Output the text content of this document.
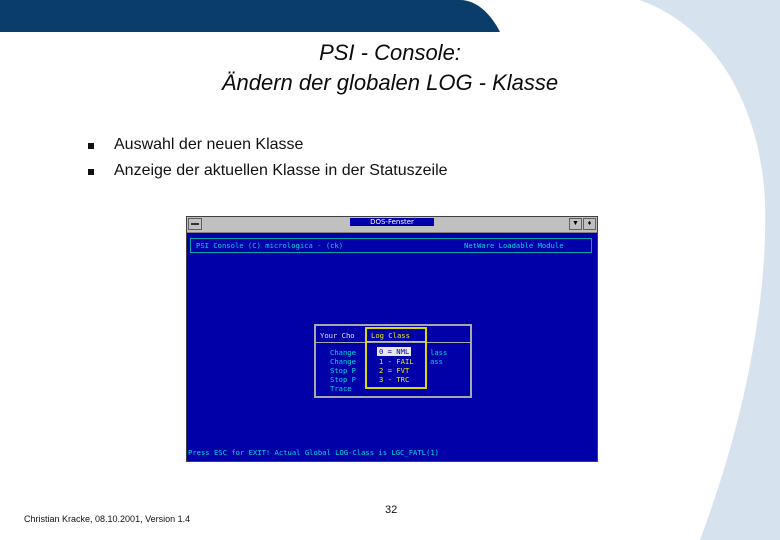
PSI - Console:
Ändern der globalen LOG - Klasse
Auswahl der neuen Klasse
Anzeige der aktuellen Klasse in der Statuszeile
DOS-Fenster	▼	♦
PSI Console (C) micrologica - (ck)	NetWare Loadable Module
Your Cho
Change
Change
Stop P
Stop P
Trace
lass
ass
Log Class
0 = NML
1 - FAIL
2 = FVT
3 - TRC
Press ESC for EXIT! Actual Global LOG-Class is LGC_FATL(1)
Christian Kracke, 08.10.2001, Version 1.4
32
